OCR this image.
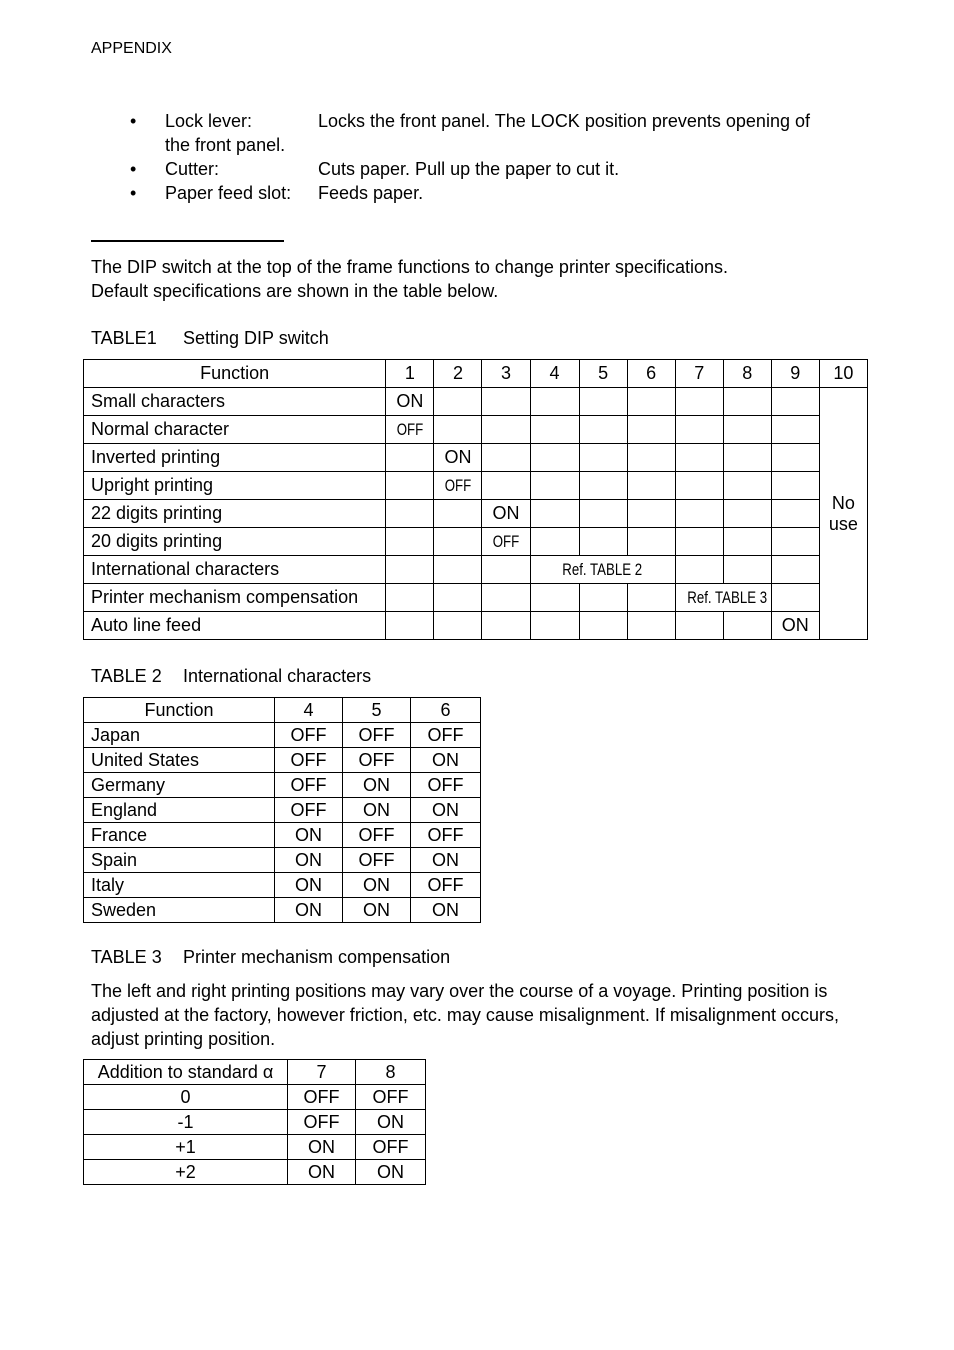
APPENDIX
• Lock lever:	Locks the front panel. The LOCK position prevents opening of
the front panel.
• Cutter:	Cuts paper. Pull up the paper to cut it.
• Paper feed slot: Feeds paper.
The DIP switch at the top of the frame functions to change printer specifications.
Default specifications are shown in the table below.
TABLE1 Setting DIP switch
Function	1	2	3	4	5	6	7	8	9	10
Small characters	ON									No
use

Normal character	OFF									
Inverted printing		ON								
Upright printing		OFF								
22 digits printing			ON							
20 digits printing			OFF							
International characters				Ref. TABLE 2						
Printer mechanism compensation							Ref. TABLE 3			
Auto line feed									ON	
TABLE 2 International characters
Function	4	5	6
Japan	OFF	OFF	OFF
United States	OFF	OFF	ON
Germany	OFF	ON	OFF
England	OFF	ON	ON
France	ON	OFF	OFF
Spain	ON	OFF	ON
Italy	ON	ON	OFF
Sweden	ON	ON	ON
TABLE 3 Printer mechanism compensation
The left and right printing positions may vary over the course of a voyage. Printing position is adjusted at the factory, however friction, etc. may cause misalignment. If misalignment occurs, adjust printing position.
Addition to standard α	7	8
0	OFF	OFF
-1	OFF	ON
+1	ON	OFF
+2	ON	ON
